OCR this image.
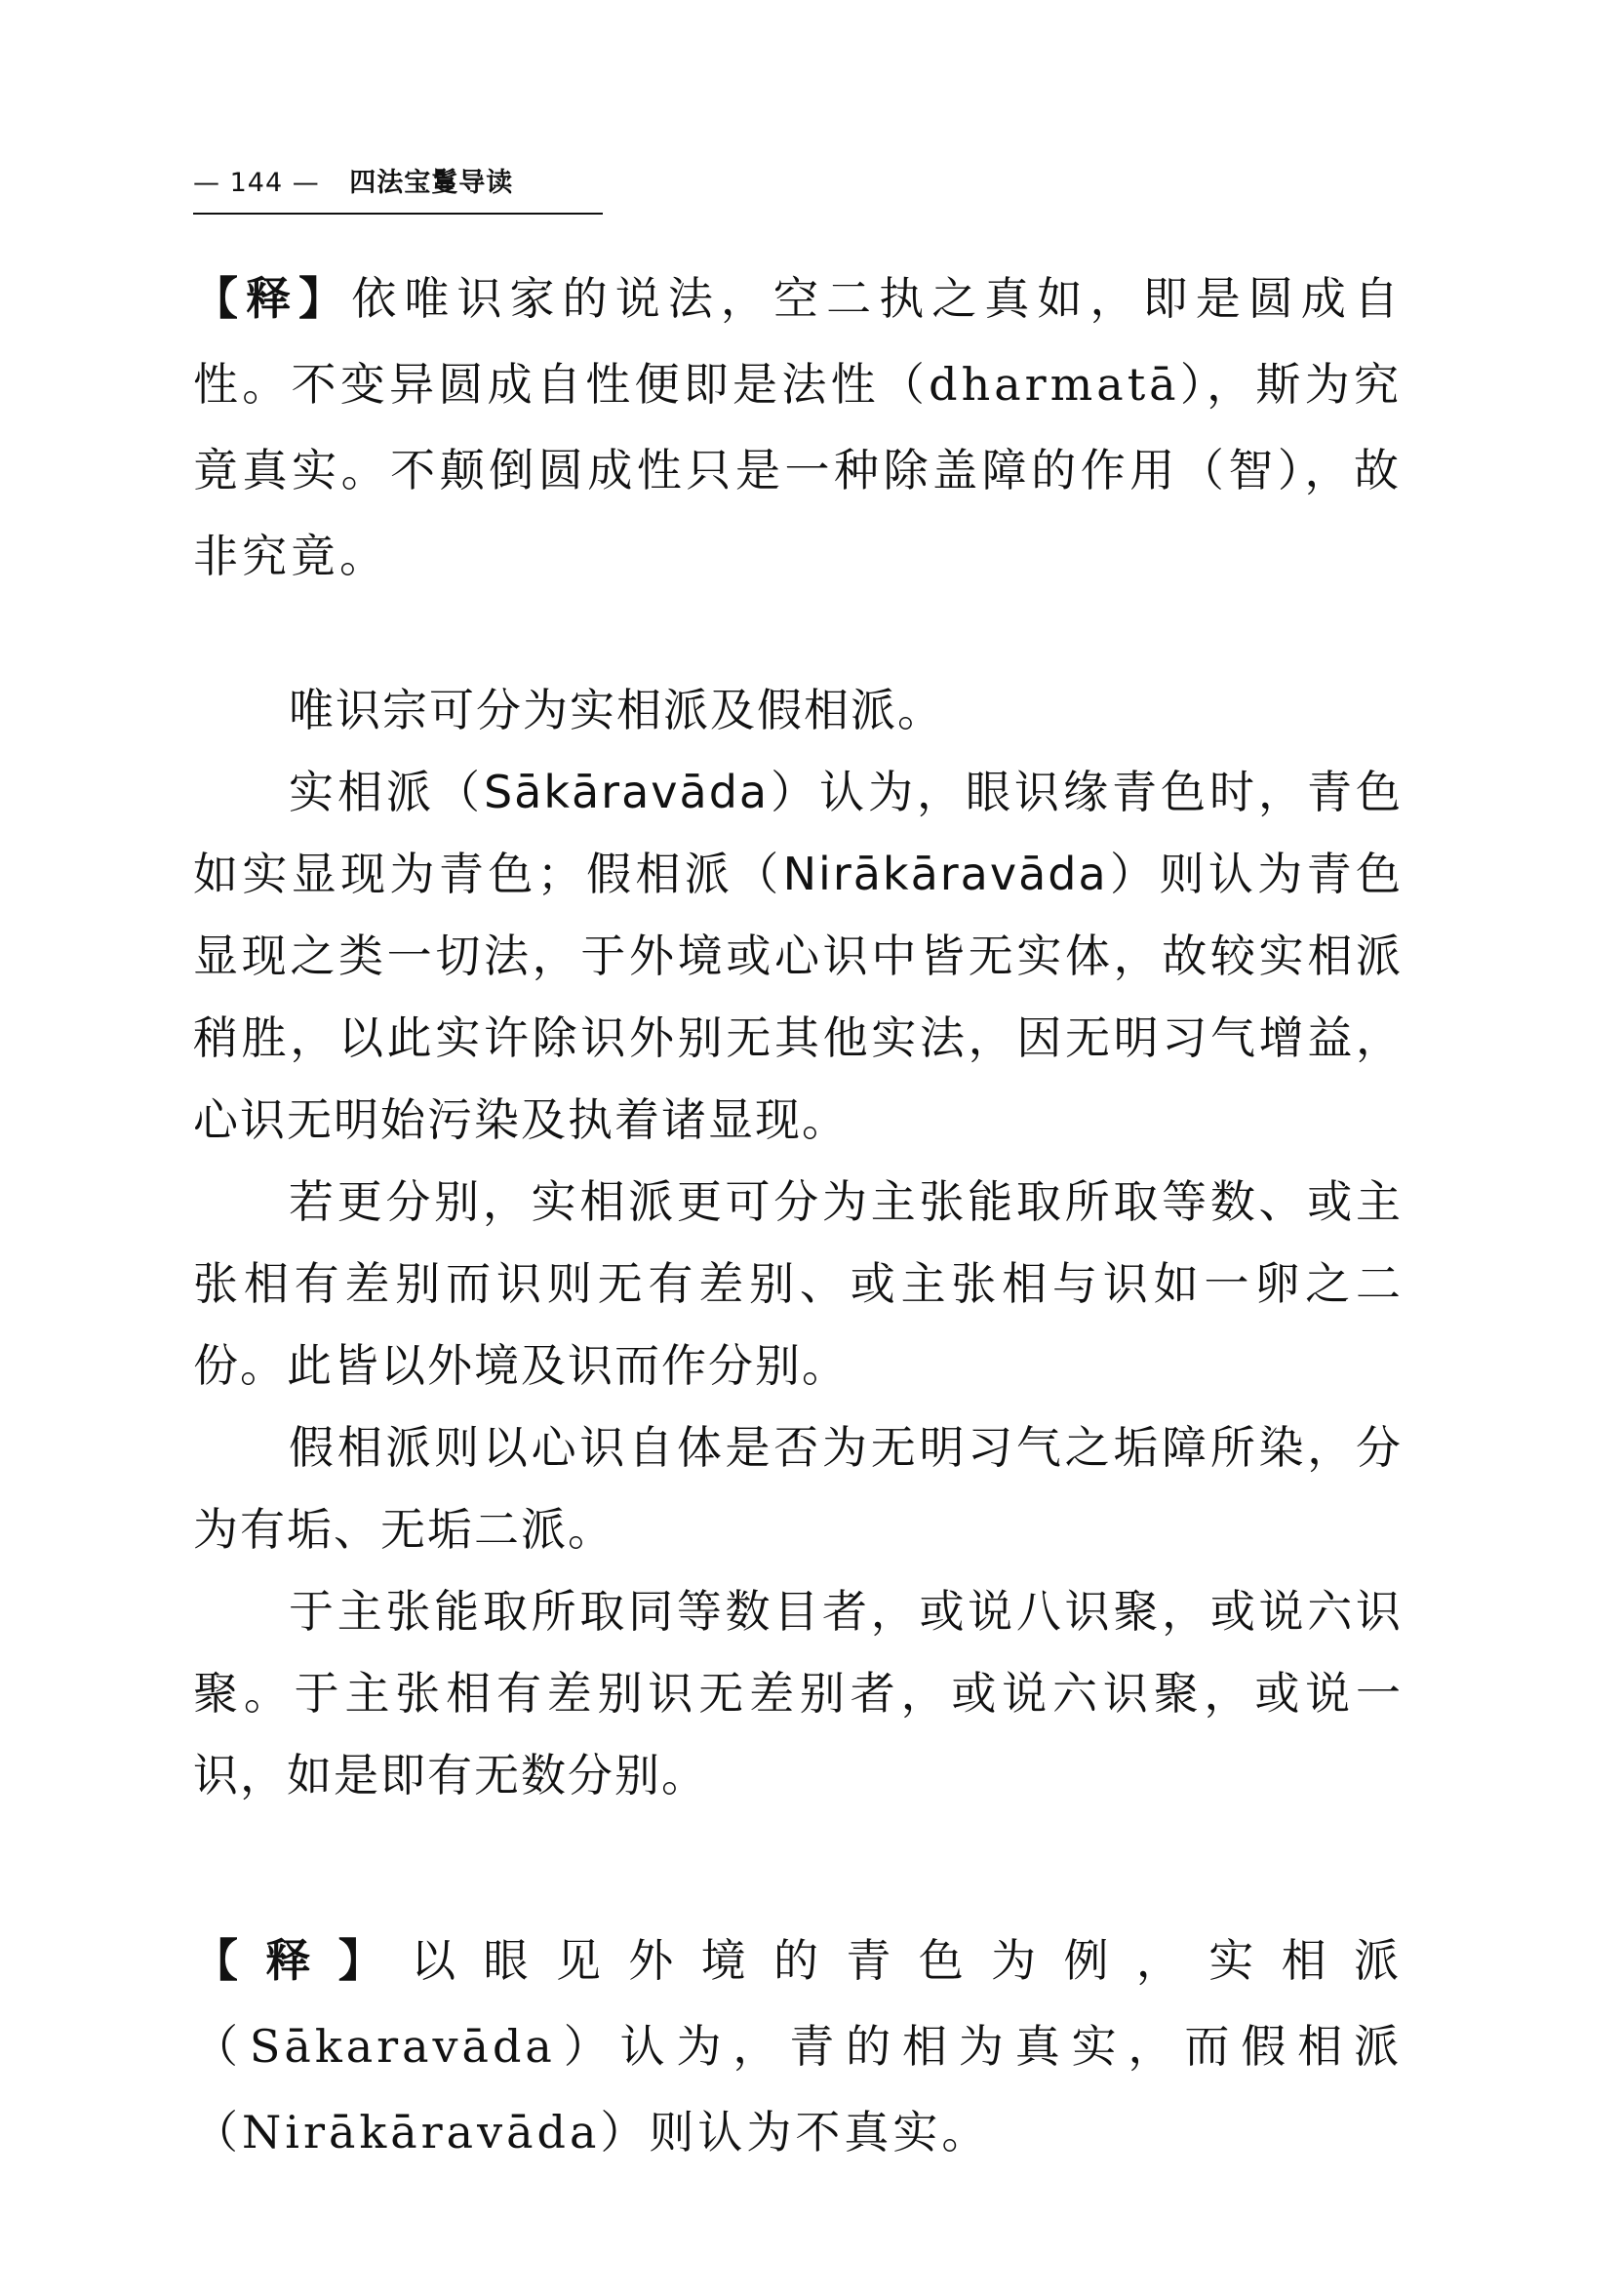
— 144 — 四法宝鬘导读

【释】依唯识家的说法，空二执之真如，即是圆成自性。不变异圆成自性便即是法性（dharmatā），斯为究竟真实。不颠倒圆成性只是一种除盖障的作用（智），故非究竟。

唯识宗可分为实相派及假相派。

实相派（Sākāravāda）认为，眼识缘青色时，青色如实显现为青色；假相派（Nirākāravāda）则认为青色显现之类一切法，于外境或心识中皆无实体，故较实相派稍胜，以此实许除识外别无其他实法，因无明习气增益，心识无明始污染及执着诸显现。

若更分别，实相派更可分为主张能取所取等数、或主张相有差别而识则无有差别、或主张相与识如一卵之二份。此皆以外境及识而作分别。

假相派则以心识自体是否为无明习气之垢障所染，分为有垢、无垢二派。

于主张能取所取同等数目者，或说八识聚，或说六识聚。于主张相有差别识无差别者，或说六识聚，或说一识，如是即有无数分别。

【释】以眼见外境的青色为例，实相派（Sākaravāda）认为，青的相为真实，而假相派（Nirākāravāda）则认为不真实。
